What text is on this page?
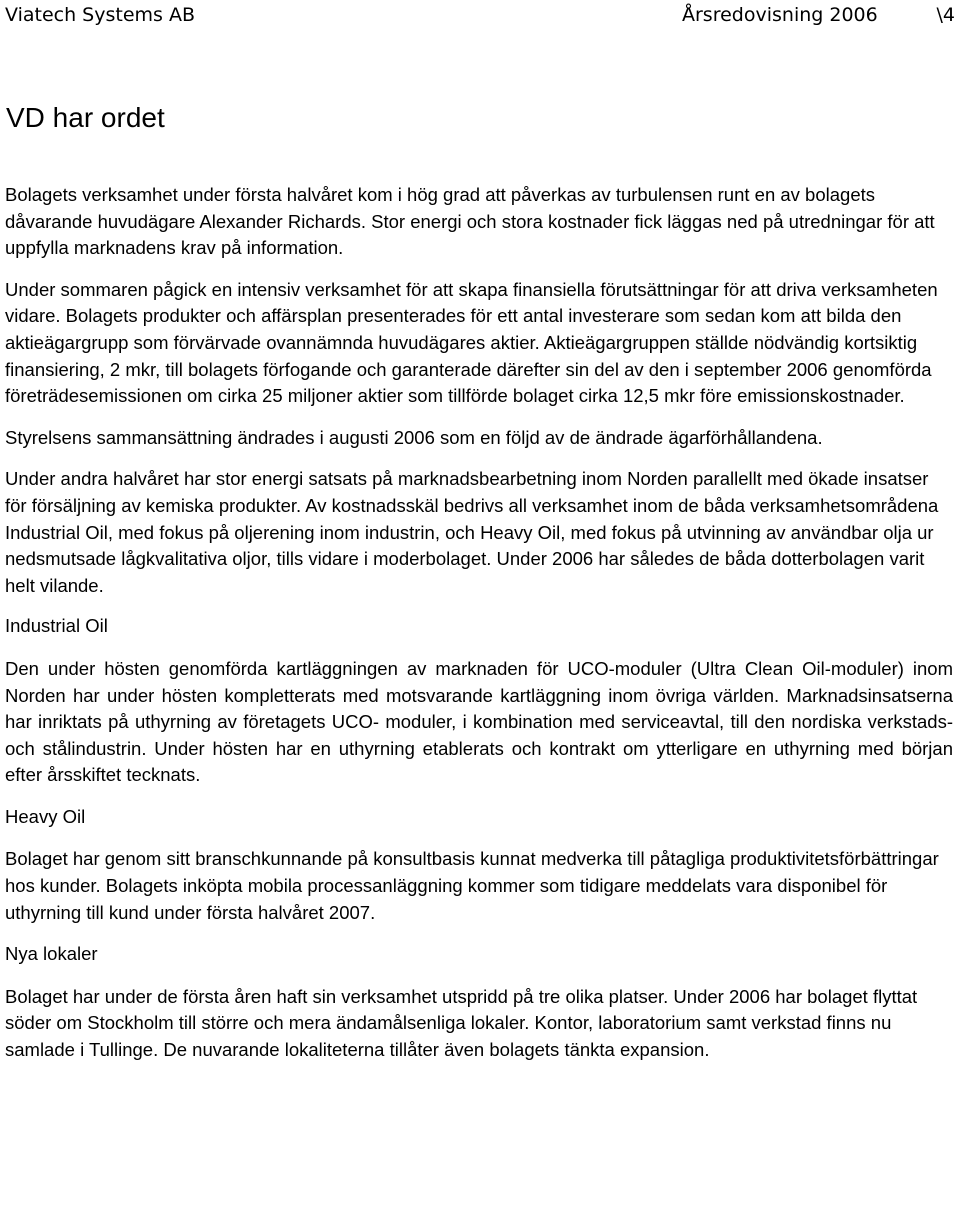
Viatech Systems AB	Årsredovisning 2006	\4
VD har ordet

Bolagets verksamhet under första halvåret kom i hög grad att påverkas av turbulensen runt en av bolagets dåvarande huvudägare Alexander Richards. Stor energi och stora kostnader fick läggas ned på utredningar för att uppfylla marknadens krav på information.

Under sommaren pågick en intensiv verksamhet för att skapa finansiella förutsättningar för att driva verksamheten vidare. Bolagets produkter och affärsplan presenterades för ett antal investerare som sedan kom att bilda den aktieägargrupp som förvärvade ovannämnda huvudägares aktier. Aktieägargruppen ställde nödvändig kortsiktig finansiering, 2 mkr, till bolagets förfogande och garanterade därefter sin del av den i september 2006 genomförda företrädesemissionen om cirka 25 miljoner aktier som tillförde bolaget cirka 12,5 mkr före emissionskostnader.

Styrelsens sammansättning ändrades i augusti 2006 som en följd av de ändrade ägarförhållandena.

Under andra halvåret har stor energi satsats på marknadsbearbetning inom Norden parallellt med ökade insatser för försäljning av kemiska produkter. Av kostnadsskäl bedrivs all verksamhet inom de båda verksamhetsområdena Industrial Oil, med fokus på oljerening inom industrin, och Heavy Oil, med fokus på utvinning av användbar olja ur nedsmutsade lågkvalitativa oljor, tills vidare i moderbolaget. Under 2006 har således de båda dotterbolagen varit helt vilande.

Industrial Oil

Den under hösten genomförda kartläggningen av marknaden för UCO-moduler (Ultra Clean Oil-moduler) inom Norden har under hösten kompletterats med motsvarande kartläggning inom övriga världen. Marknadsinsatserna har inriktats på uthyrning av företagets UCO- moduler, i kombination med serviceavtal, till den nordiska verkstads- och stålindustrin. Under hösten har en uthyrning etablerats och kontrakt om ytterligare en uthyrning med början efter årsskiftet tecknats.

Heavy Oil

Bolaget har genom sitt branschkunnande på konsultbasis kunnat medverka till påtagliga produktivitetsförbättringar hos kunder. Bolagets inköpta mobila processanläggning kommer som tidigare meddelats vara disponibel för uthyrning till kund under första halvåret 2007.

Nya lokaler

Bolaget har under de första åren haft sin verksamhet utspridd på tre olika platser. Under 2006 har bolaget flyttat söder om Stockholm till större och mera ändamålsenliga lokaler. Kontor, laboratorium samt verkstad finns nu samlade i Tullinge. De nuvarande lokaliteterna tillåter även bolagets tänkta expansion.
